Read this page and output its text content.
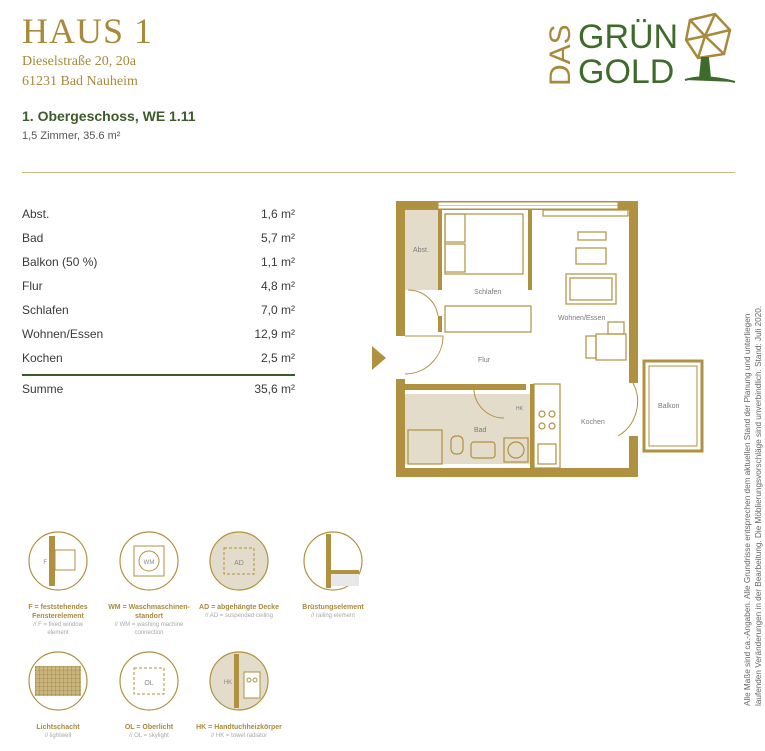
HAUS 1
Dieselstraße 20, 20a
61231 Bad Nauheim
1. Obergeschoss, WE 1.11
1,5 Zimmer, 35.6 m²
DAS GRÜN
GOLD
Abst.	1,6 m²
Bad	5,7 m²
Balkon (50 %)	1,1 m²
Flur	4,8 m²
Schlafen	7,0 m²
Wohnen/Essen	12,9 m²
Kochen	2,5 m²
Summe	35,6 m²
Abst.
Schlafen
Wohnen/Essen
Flur
Bad
Kochen
Balkon
HK	Alle Maße sind ca.-Angaben. Alle Grundrisse entsprechen dem aktuellen Stand der Planung und unterliegen laufenden Veränderungen in der Bearbeitung. Die Möblierungsvorschläge sind unverbindlich. Stand: Juli 2020.
F
F = feststehendes
Fensterelement
// F = fixed window
element
WM
WM = Waschmaschinen-
standort
// WM = washing machine
connection
AD
AD = abgehängte Decke
// AD = suspended ceiling
Brüstungselement
// railing element
Lichtschacht
// lightwell
OL
OL = Oberlicht
// OL = skylight
HK
HK = Handtuchheizkörper
// HK = towel radiator
